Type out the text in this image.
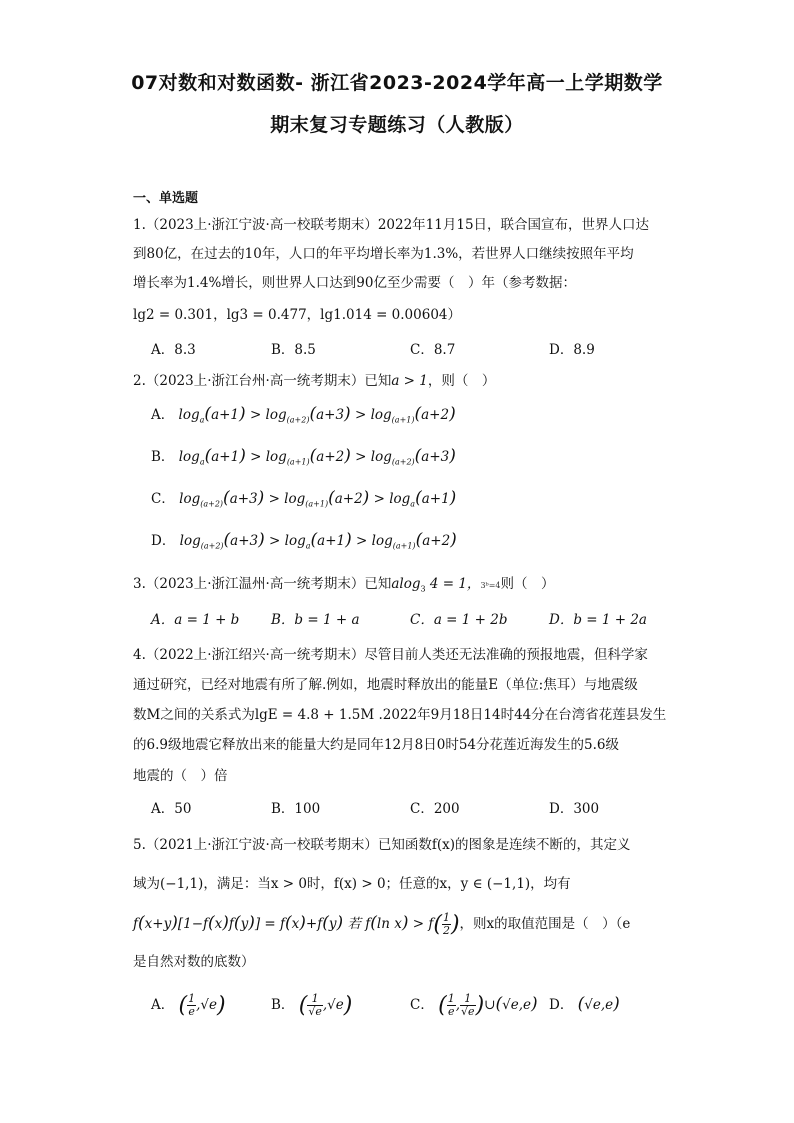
07对数和对数函数- 浙江省2023-2024学年高一上学期数学
期末复习专题练习（人教版）
一、单选题
1.（2023上·浙江宁波·高一校联考期末）2022年11月15日，联合国宣布，世界人口达
到80亿，在过去的10年，人口的年平均增长率为1.3%，若世界人口继续按照年平均
增长率为1.4%增长，则世界人口达到90亿至少需要（　）年（参考数据：
lg2 = 0.301，lg3 = 0.477，lg1.014 = 0.00604）
A．8.3	B．8.5	C．8.7	D．8.9
2.（2023上·浙江台州·高一统考期末）已知a > 1，则（　）
A． $\log_a(a+1) > \log_{(a+2)}(a+3) > \log_{(a+1)}(a+2)$
B． $\log_a(a+1) > \log_{(a+1)}(a+2) > \log_{(a+2)}(a+3)$
C． $\log_{(a+2)}(a+3) > \log_{(a+1)}(a+2) > \log_a(a+1)$
D． $\log_{(a+2)}(a+3) > \log_a(a+1) > \log_{(a+1)}(a+2)$
3.（2023上·浙江温州·高一统考期末）已知alog$_3$ 4 = 1，3ᵇ=4则（　）
A．a = 1 + b B．b = 1 + a	C．a = 1 + 2b	D．b = 1 + 2a
4.（2022上·浙江绍兴·高一统考期末）尽管目前人类还无法准确的预报地震，但科学家
通过研究，已经对地震有所了解.例如，地震时释放出的能量E（单位:焦耳）与地震级
数M之间的关系式为lgE = 4.8 + 1.5M .2022年9月18日14时44分在台湾省花莲县发生
的6.9级地震它释放出来的能量大约是同年12月8日0时54分花莲近海发生的5.6级
地震的（　）倍
A．50	B．100	C．200	D．300
5.（2021上·浙江宁波·高一校联考期末）已知函数f(x)的图象是连续不断的，其定义
域为(−1,1)，满足：当x > 0时，f(x) > 0；任意的x，y ∈ (−1,1)，均有
f(x+y)[1−f(x)f(y)] = f(x)+f(y) 若 f(ln $x) > f( \frac{1}{2}$ )，则x的取值范围是（　）（e
是自然对数的底数）
A． ( $\frac{1}{e} ,√e$)	B． ( $\frac{1}{√e} ,√e$)	C． ( $\frac{1}{e}$ , $\frac{1}{√e}$ )∪(√e,e) D． (√e,e)
